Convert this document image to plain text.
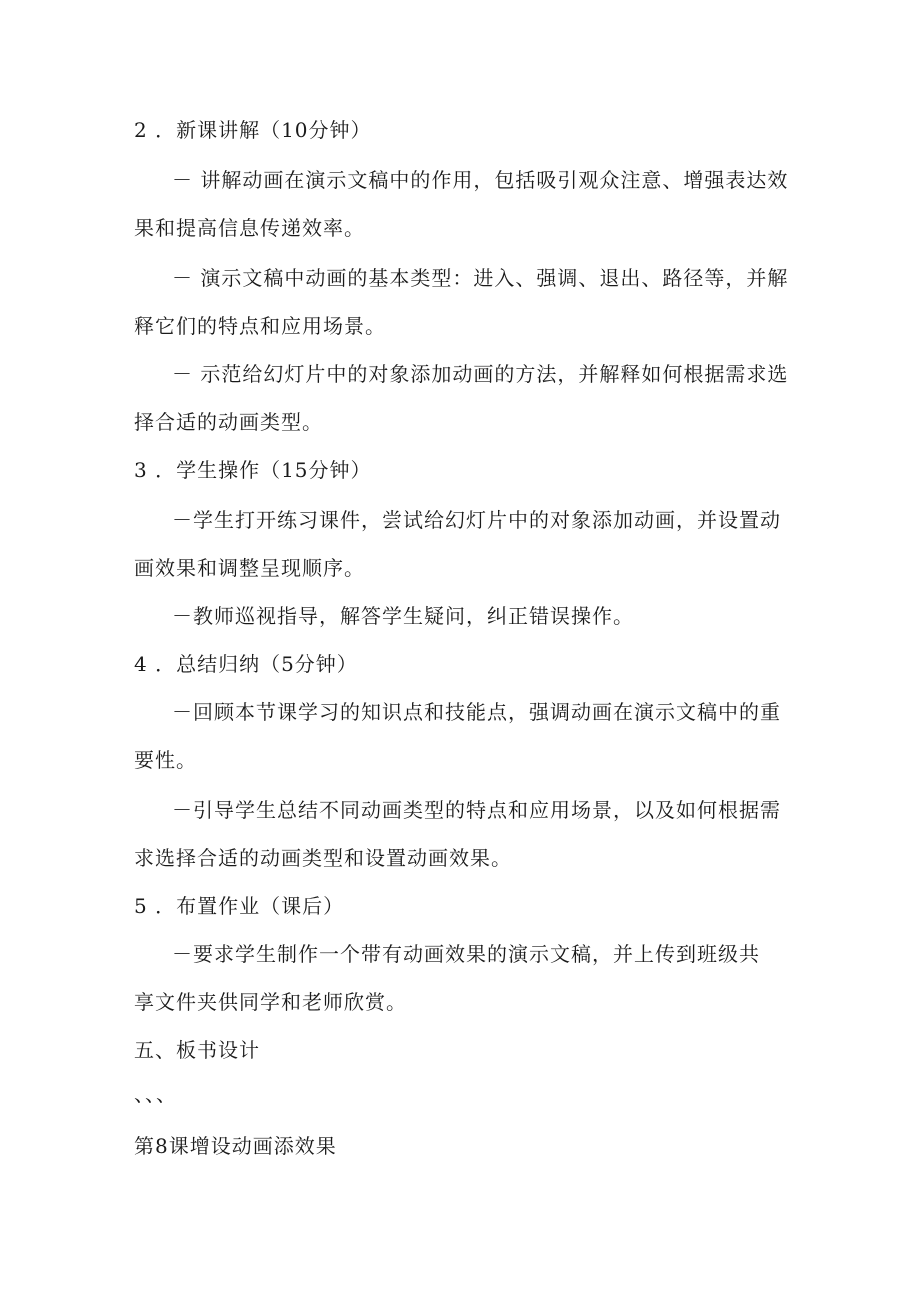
2 ．新课讲解（10分钟）
－ 讲解动画在演示文稿中的作用，包括吸引观众注意、增强表达效
果和提高信息传递效率。
－ 演示文稿中动画的基本类型：进入、强调、退出、路径等，并解
释它们的特点和应用场景。
－ 示范给幻灯片中的对象添加动画的方法，并解释如何根据需求选
择合适的动画类型。
3 ．学生操作（15分钟）
－学生打开练习课件，尝试给幻灯片中的对象添加动画，并设置动
画效果和调整呈现顺序。
－教师巡视指导，解答学生疑问，纠正错误操作。
4 ．总结归纳（5分钟）
－回顾本节课学习的知识点和技能点，强调动画在演示文稿中的重
要性。
－引导学生总结不同动画类型的特点和应用场景，以及如何根据需
求选择合适的动画类型和设置动画效果。
5 ．布置作业（课后）
－要求学生制作一个带有动画效果的演示文稿，并上传到班级共
享文件夹供同学和老师欣赏。
五、板书设计
、、、
第8课增设动画添效果
